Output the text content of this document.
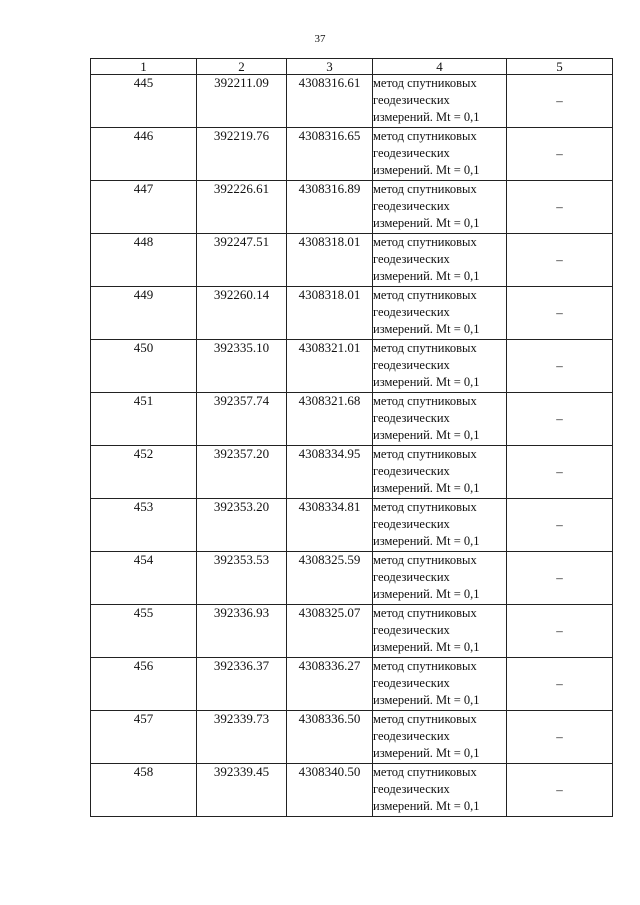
37
1	2	3	4	5
445	392211.09	4308316.61	метод спутниковых
геодезических
измерений. Mt = 0,1	–
446	392219.76	4308316.65	метод спутниковых
геодезических
измерений. Mt = 0,1	–
447	392226.61	4308316.89	метод спутниковых
геодезических
измерений. Mt = 0,1	–
448	392247.51	4308318.01	метод спутниковых
геодезических
измерений. Mt = 0,1	–
449	392260.14	4308318.01	метод спутниковых
геодезических
измерений. Mt = 0,1	–
450	392335.10	4308321.01	метод спутниковых
геодезических
измерений. Mt = 0,1	–
451	392357.74	4308321.68	метод спутниковых
геодезических
измерений. Mt = 0,1	–
452	392357.20	4308334.95	метод спутниковых
геодезических
измерений. Mt = 0,1	–
453	392353.20	4308334.81	метод спутниковых
геодезических
измерений. Mt = 0,1	–
454	392353.53	4308325.59	метод спутниковых
геодезических
измерений. Mt = 0,1	–
455	392336.93	4308325.07	метод спутниковых
геодезических
измерений. Mt = 0,1	–
456	392336.37	4308336.27	метод спутниковых
геодезических
измерений. Mt = 0,1	–
457	392339.73	4308336.50	метод спутниковых
геодезических
измерений. Mt = 0,1	–
458	392339.45	4308340.50	метод спутниковых
геодезических
измерений. Mt = 0,1	–
